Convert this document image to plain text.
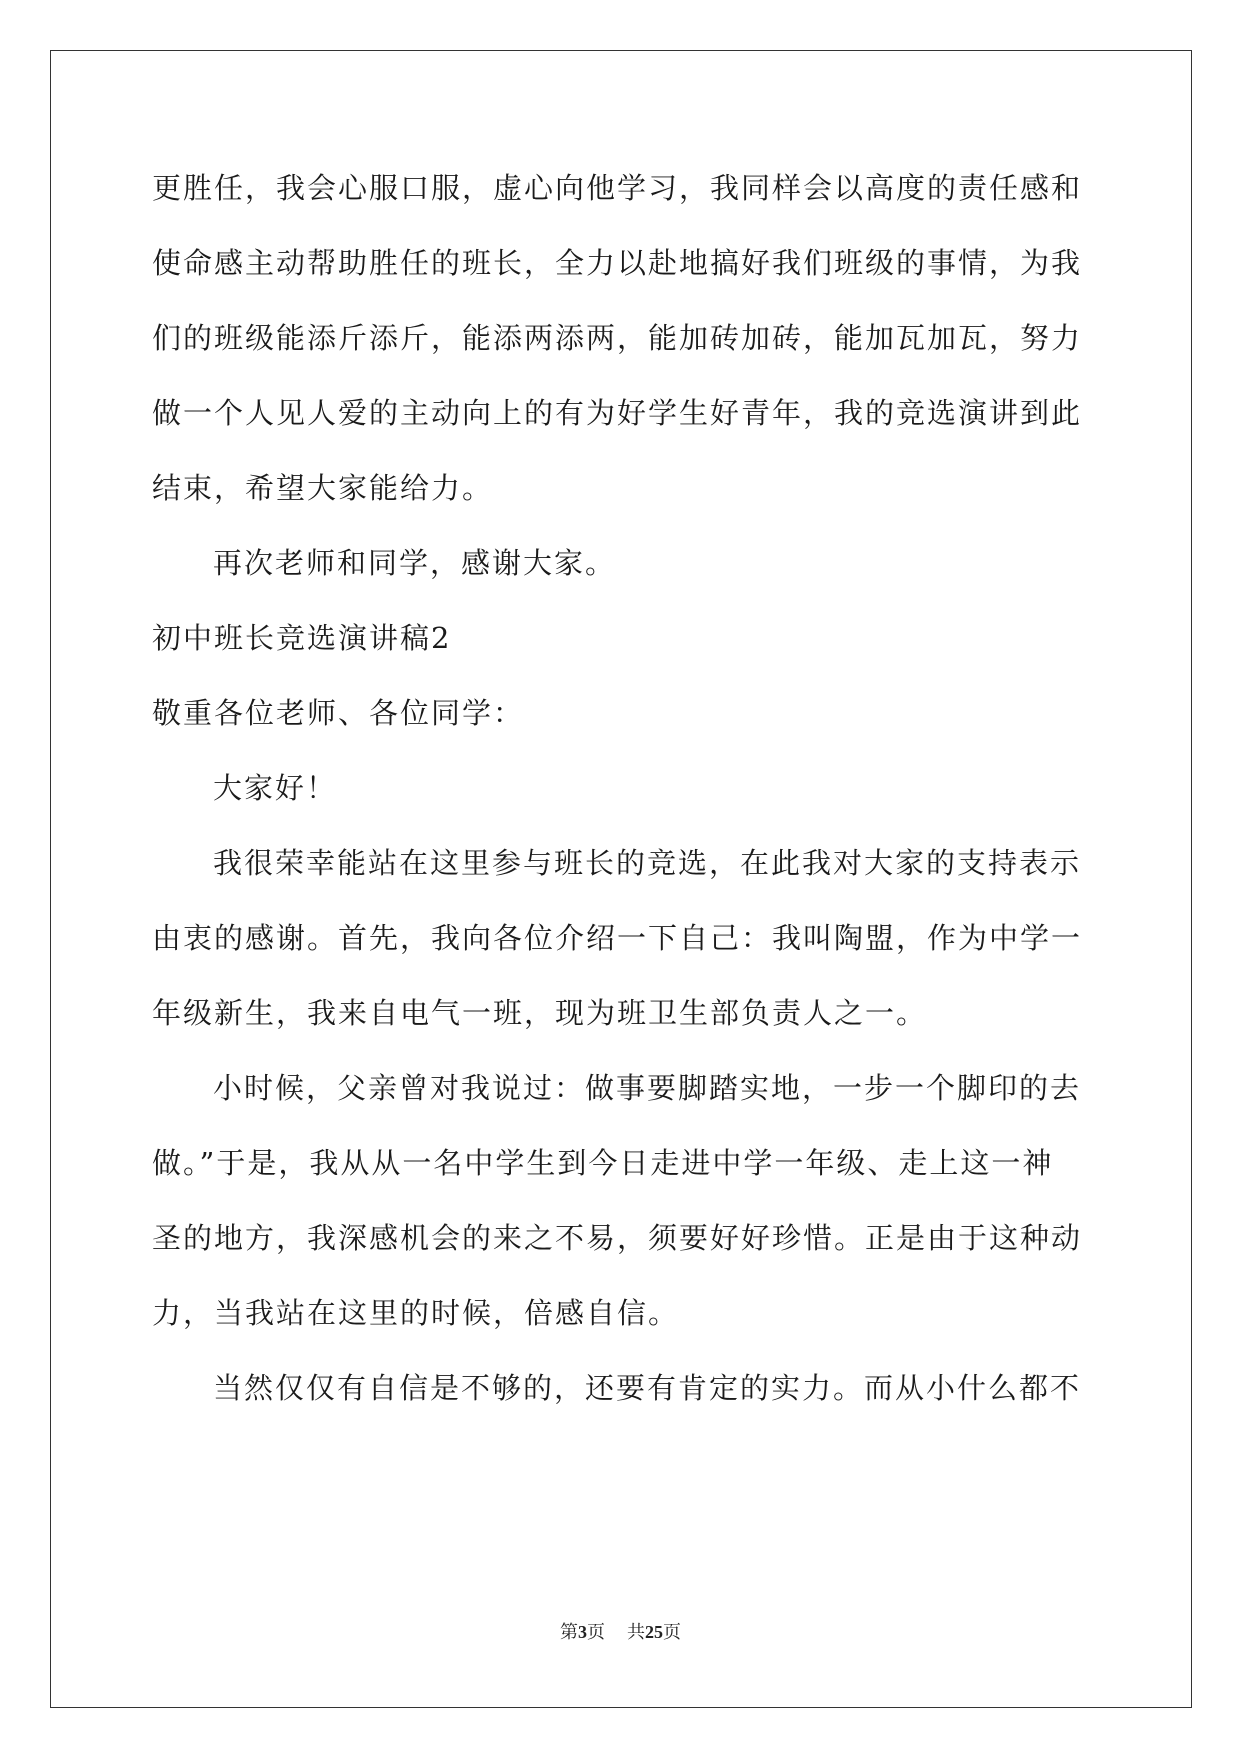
更胜任，我会心服口服，虚心向他学习，我同样会以高度的责任感和
使命感主动帮助胜任的班长，全力以赴地搞好我们班级的事情，为我
们的班级能添斤添斤，能添两添两，能加砖加砖，能加瓦加瓦，努力
做一个人见人爱的主动向上的有为好学生好青年，我的竞选演讲到此
结束，希望大家能给力。
再次老师和同学，感谢大家。
初中班长竞选演讲稿2
敬重各位老师、各位同学：
大家好！
我很荣幸能站在这里参与班长的竞选，在此我对大家的支持表示
由衷的感谢。首先，我向各位介绍一下自己：我叫陶盟，作为中学一
年级新生，我来自电气一班，现为班卫生部负责人之一。
小时候，父亲曾对我说过：做事要脚踏实地，一步一个脚印的去
做。”于是，我从从一名中学生到今日走进中学一年级、走上这一神
圣的地方，我深感机会的来之不易，须要好好珍惜。正是由于这种动
力，当我站在这里的时候，倍感自信。
当然仅仅有自信是不够的，还要有肯定的实力。而从小什么都不
第3页 共25页
